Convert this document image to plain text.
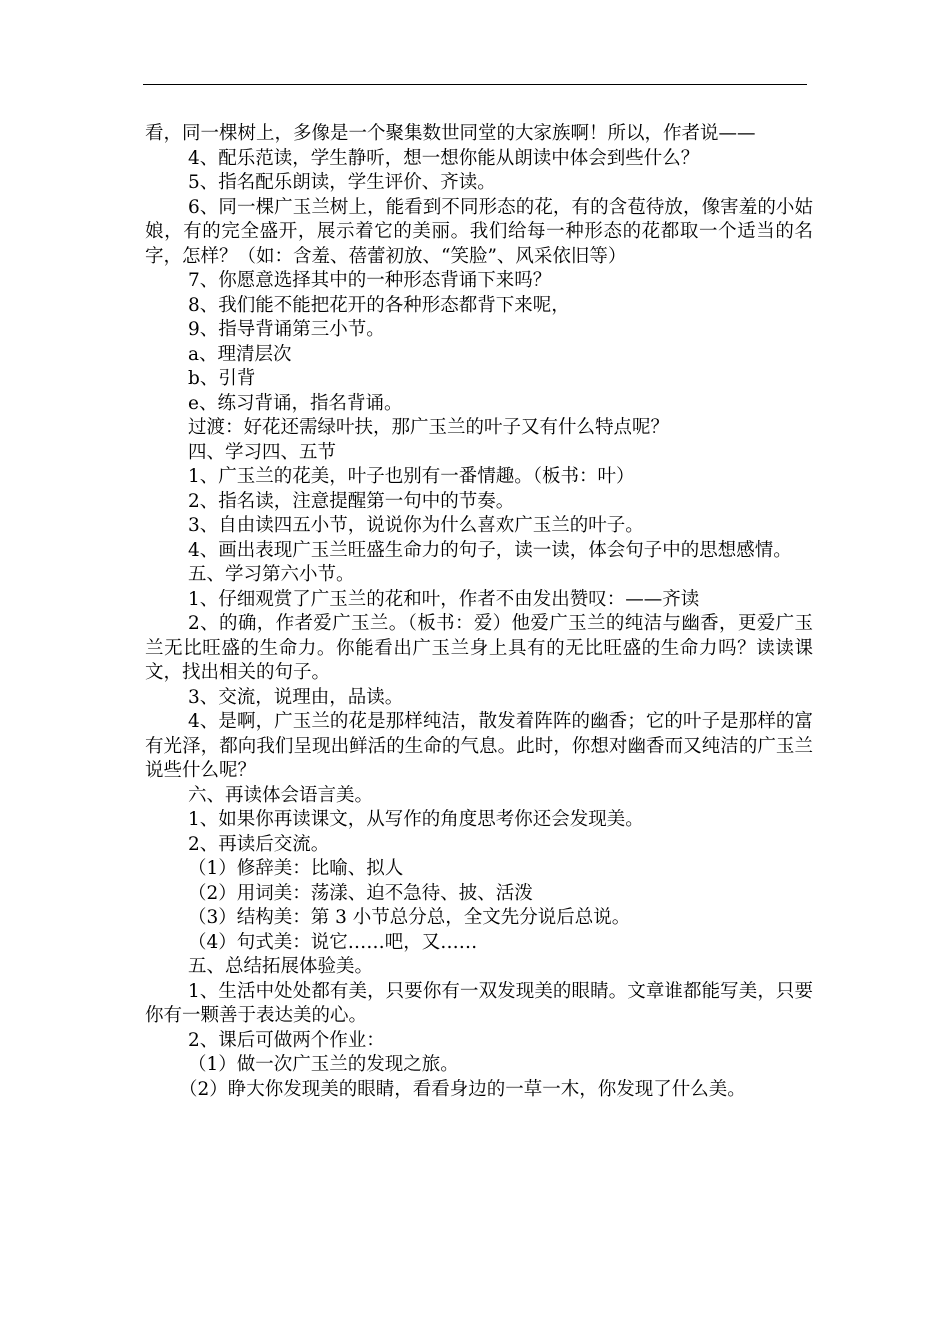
看，同一棵树上，多像是一个聚集数世同堂的大家族啊！所以，作者说——

4、配乐范读，学生静听，想一想你能从朗读中体会到些什么？

5、指名配乐朗读，学生评价、齐读。

6、同一棵广玉兰树上，能看到不同形态的花，有的含苞待放，像害羞的小姑娘，有的完全盛开，展示着它的美丽。我们给每一种形态的花都取一个适当的名字，怎样？（如：含羞、蓓蕾初放、“笑脸”、风采依旧等）

7、你愿意选择其中的一种形态背诵下来吗？

8、我们能不能把花开的各种形态都背下来呢，

9、指导背诵第三小节。

a、理清层次

b、引背

e、练习背诵，指名背诵。

过渡：好花还需绿叶扶，那广玉兰的叶子又有什么特点呢？

四、学习四、五节

1、广玉兰的花美，叶子也别有一番情趣。（板书：叶）

2、指名读，注意提醒第一句中的节奏。

3、自由读四五小节，说说你为什么喜欢广玉兰的叶子。

4、画出表现广玉兰旺盛生命力的句子，读一读，体会句子中的思想感情。

五、学习第六小节。

1、仔细观赏了广玉兰的花和叶，作者不由发出赞叹：——齐读

2、的确，作者爱广玉兰。（板书：爱）他爱广玉兰的纯洁与幽香，更爱广玉兰无比旺盛的生命力。你能看出广玉兰身上具有的无比旺盛的生命力吗？读读课文，找出相关的句子。

3、交流，说理由，品读。

4、是啊，广玉兰的花是那样纯洁，散发着阵阵的幽香；它的叶子是那样的富有光泽，都向我们呈现出鲜活的生命的气息。此时，你想对幽香而又纯洁的广玉兰说些什么呢？

六、再读体会语言美。

1、如果你再读课文，从写作的角度思考你还会发现美。

2、再读后交流。

（1）修辞美：比喻、拟人

（2）用词美：荡漾、迫不急待、披、活泼

（3）结构美：第 3 小节总分总，全文先分说后总说。

（4）句式美：说它……吧，又……

五、总结拓展体验美。

1、生活中处处都有美，只要你有一双发现美的眼睛。文章谁都能写美，只要你有一颗善于表达美的心。

2、课后可做两个作业：

（1）做一次广玉兰的发现之旅。

（2）睁大你发现美的眼睛，看看身边的一草一木，你发现了什么美。
